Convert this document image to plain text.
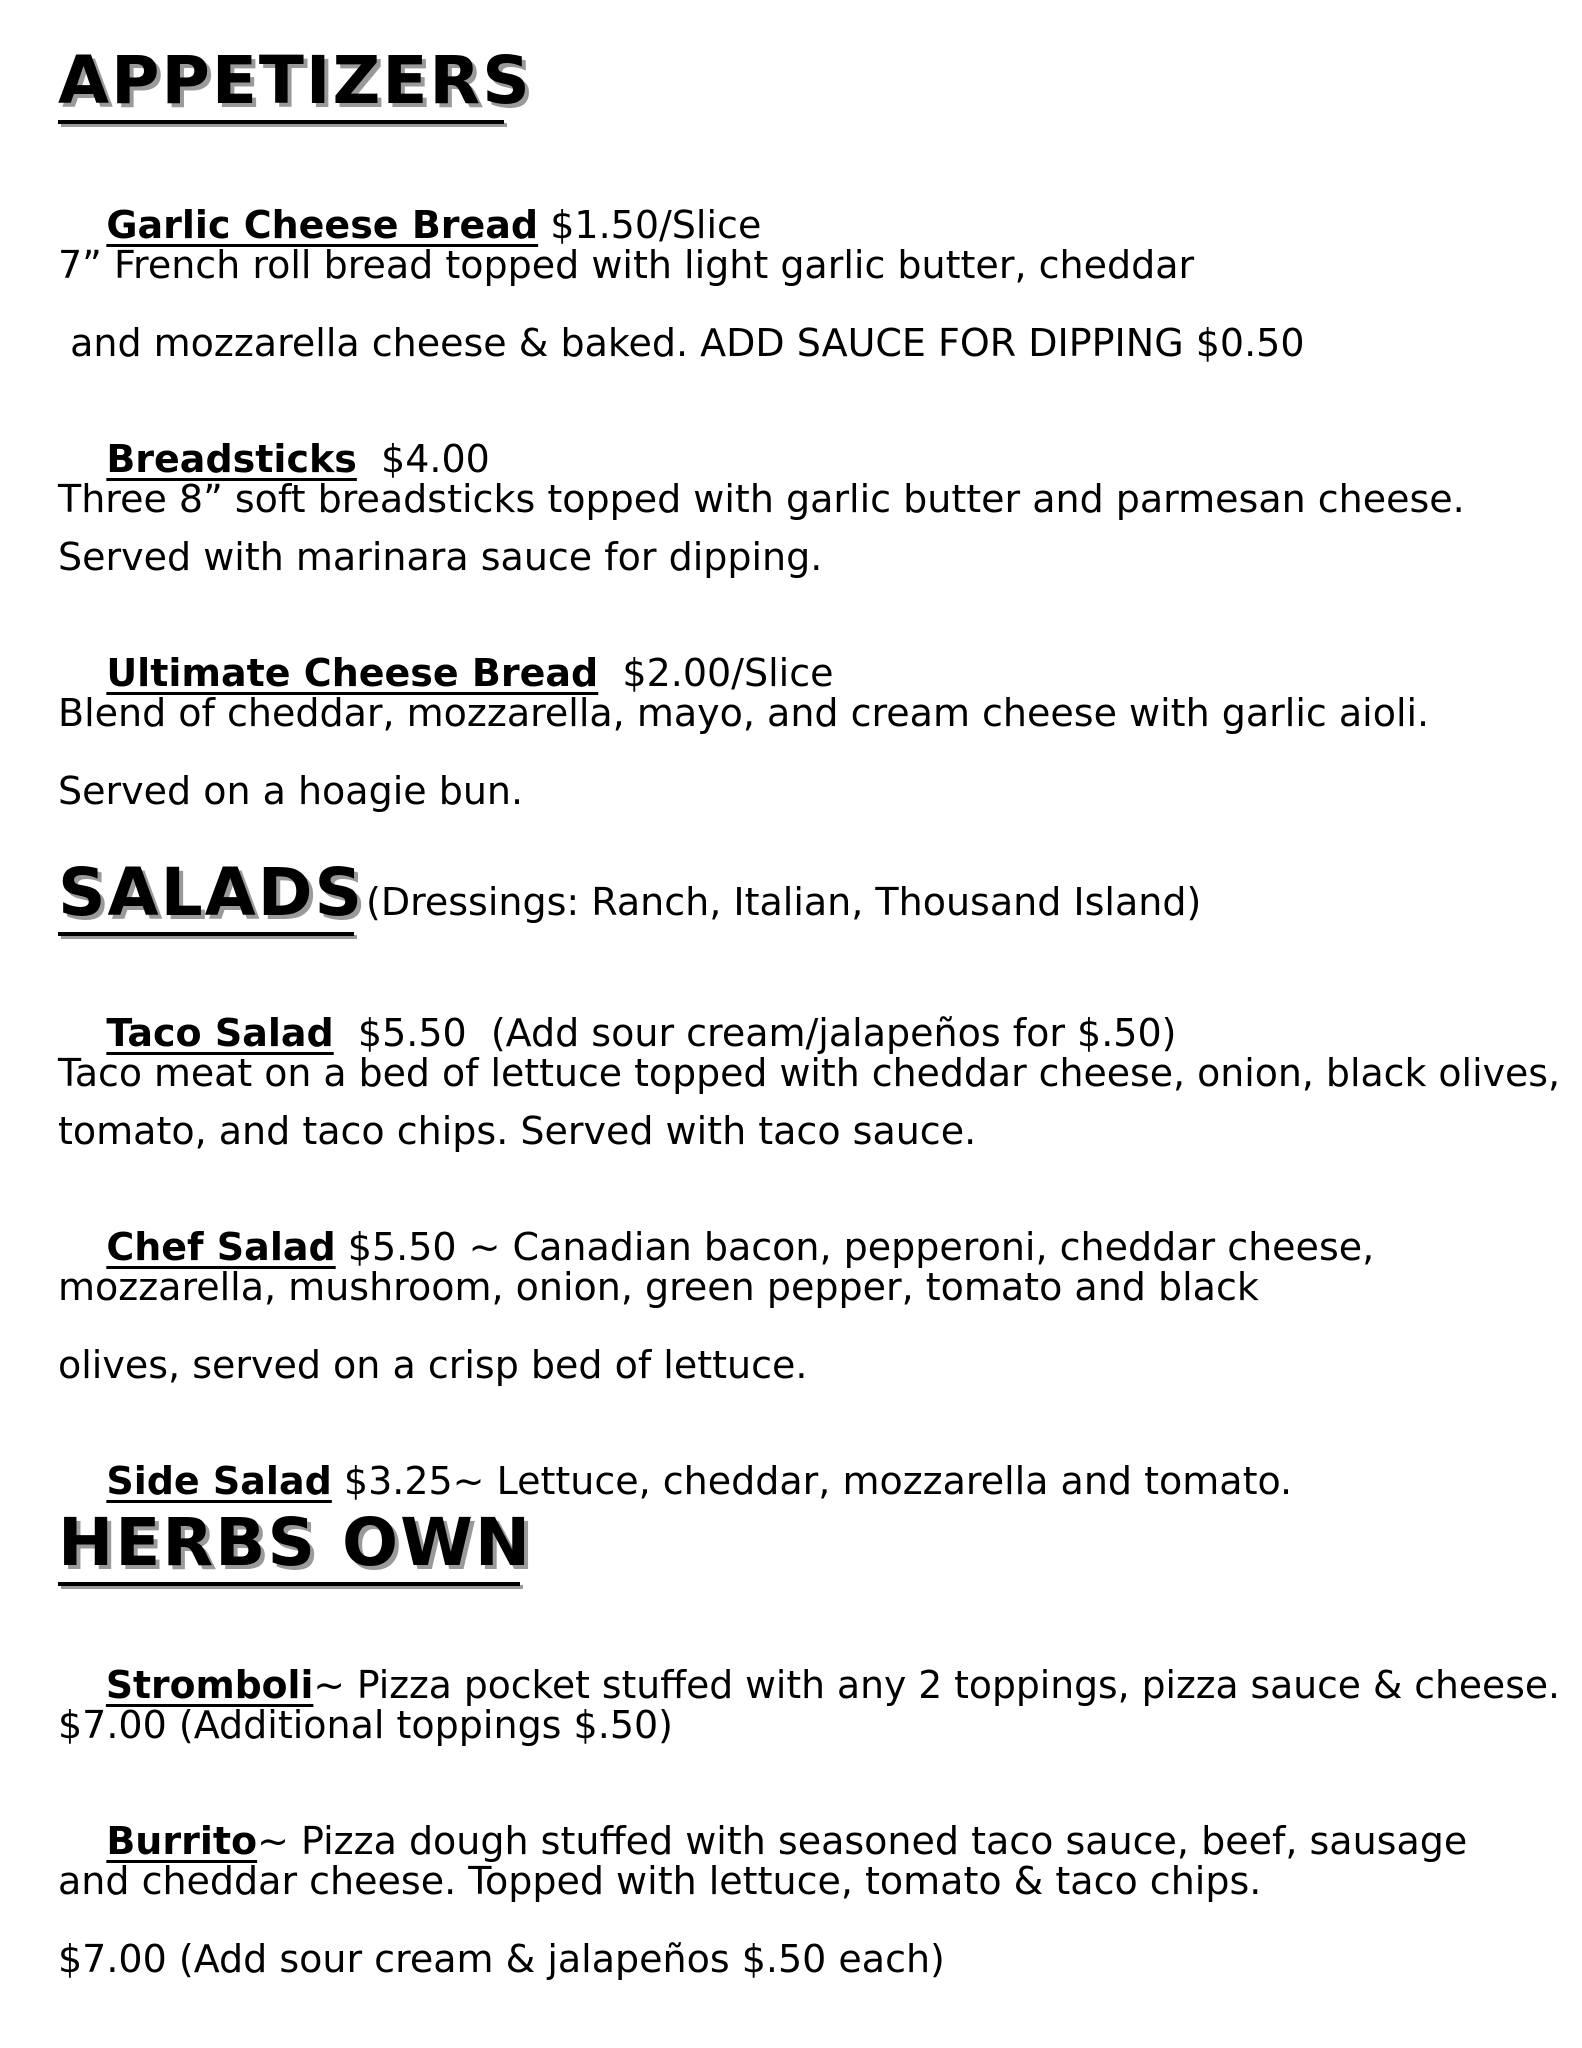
APPETIZERS

Garlic Cheese Bread $1.50/Slice

7” French roll bread topped with light garlic butter, cheddar
and mozzarella cheese & baked. ADD SAUCE FOR DIPPING $0.50

Breadsticks  $4.00

Three 8” soft breadsticks topped with garlic butter and parmesan cheese.
Served with marinara sauce for dipping.

Ultimate Cheese Bread  $2.00/Slice

Blend of cheddar, mozzarella, mayo, and cream cheese with garlic aioli.
Served on a hoagie bun.
SALADS (Dressings: Ranch, Italian, Thousand Island)

Taco Salad  $5.50  (Add sour cream/jalapeños for $.50)

Taco meat on a bed of lettuce topped with cheddar cheese, onion, black olives,
tomato, and taco chips. Served with taco sauce.

Chef Salad $5.50 ~ Canadian bacon, pepperoni, cheddar cheese,

mozzarella, mushroom, onion, green pepper, tomato and black
olives, served on a crisp bed of lettuce.

Side Salad $3.25~ Lettuce, cheddar, mozzarella and tomato.

HERBS OWN

Stromboli~ Pizza pocket stuffed with any 2 toppings, pizza sauce & cheese.

$7.00 (Additional toppings $.50)

Burrito~ Pizza dough stuffed with seasoned taco sauce, beef, sausage

and cheddar cheese. Topped with lettuce, tomato & taco chips.
$7.00 (Add sour cream & jalapeños $.50 each)
